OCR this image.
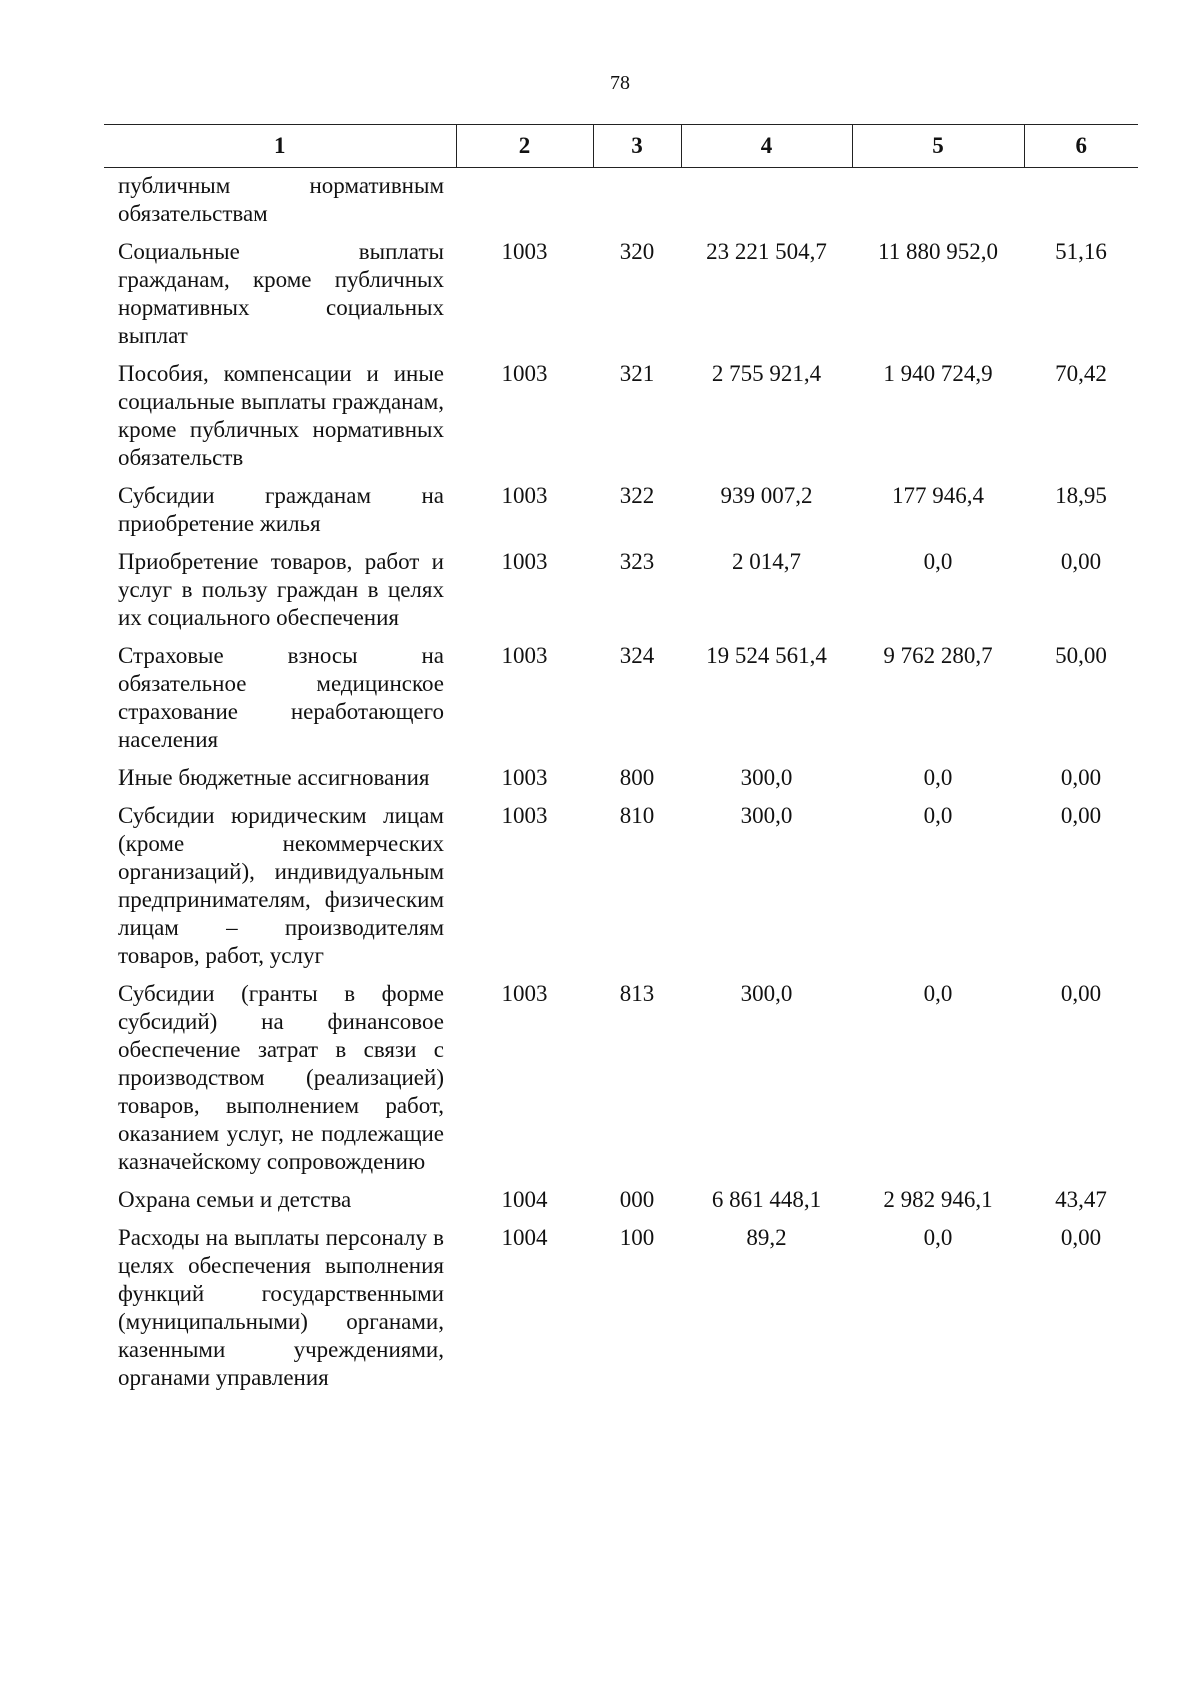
78
1	2	3	4	5	6
публичным нормативным обязательствам					
Социальные выплаты гражданам, кроме публичных нормативных социальных выплат	1003	320	23 221 504,7	11 880 952,0	51,16
Пособия, компенсации и иные социальные выплаты гражданам, кроме публичных нормативных обязательств	1003	321	2 755 921,4	1 940 724,9	70,42
Субсидии гражданам на приобретение жилья	1003	322	939 007,2	177 946,4	18,95
Приобретение товаров, работ и услуг в пользу граждан в целях их социального обеспечения	1003	323	2 014,7	0,0	0,00
Страховые взносы на обязательное медицинское страхование неработающего населения	1003	324	19 524 561,4	9 762 280,7	50,00
Иные бюджетные ассигнования	1003	800	300,0	0,0	0,00
Субсидии юридическим лицам (кроме некоммерческих организаций), индивидуальным предпринимателям, физическим лицам – производителям товаров, работ, услуг	1003	810	300,0	0,0	0,00
Субсидии (гранты в форме субсидий) на финансовое обеспечение затрат в связи с производством (реализацией) товаров, выполнением работ, оказанием услуг, не подлежащие казначейскому сопровождению	1003	813	300,0	0,0	0,00
Охрана семьи и детства	1004	000	6 861 448,1	2 982 946,1	43,47
Расходы на выплаты персоналу в целях обеспечения выполнения функций государственными (муниципальными) органами, казенными учреждениями, органами управления	1004	100	89,2	0,0	0,00
